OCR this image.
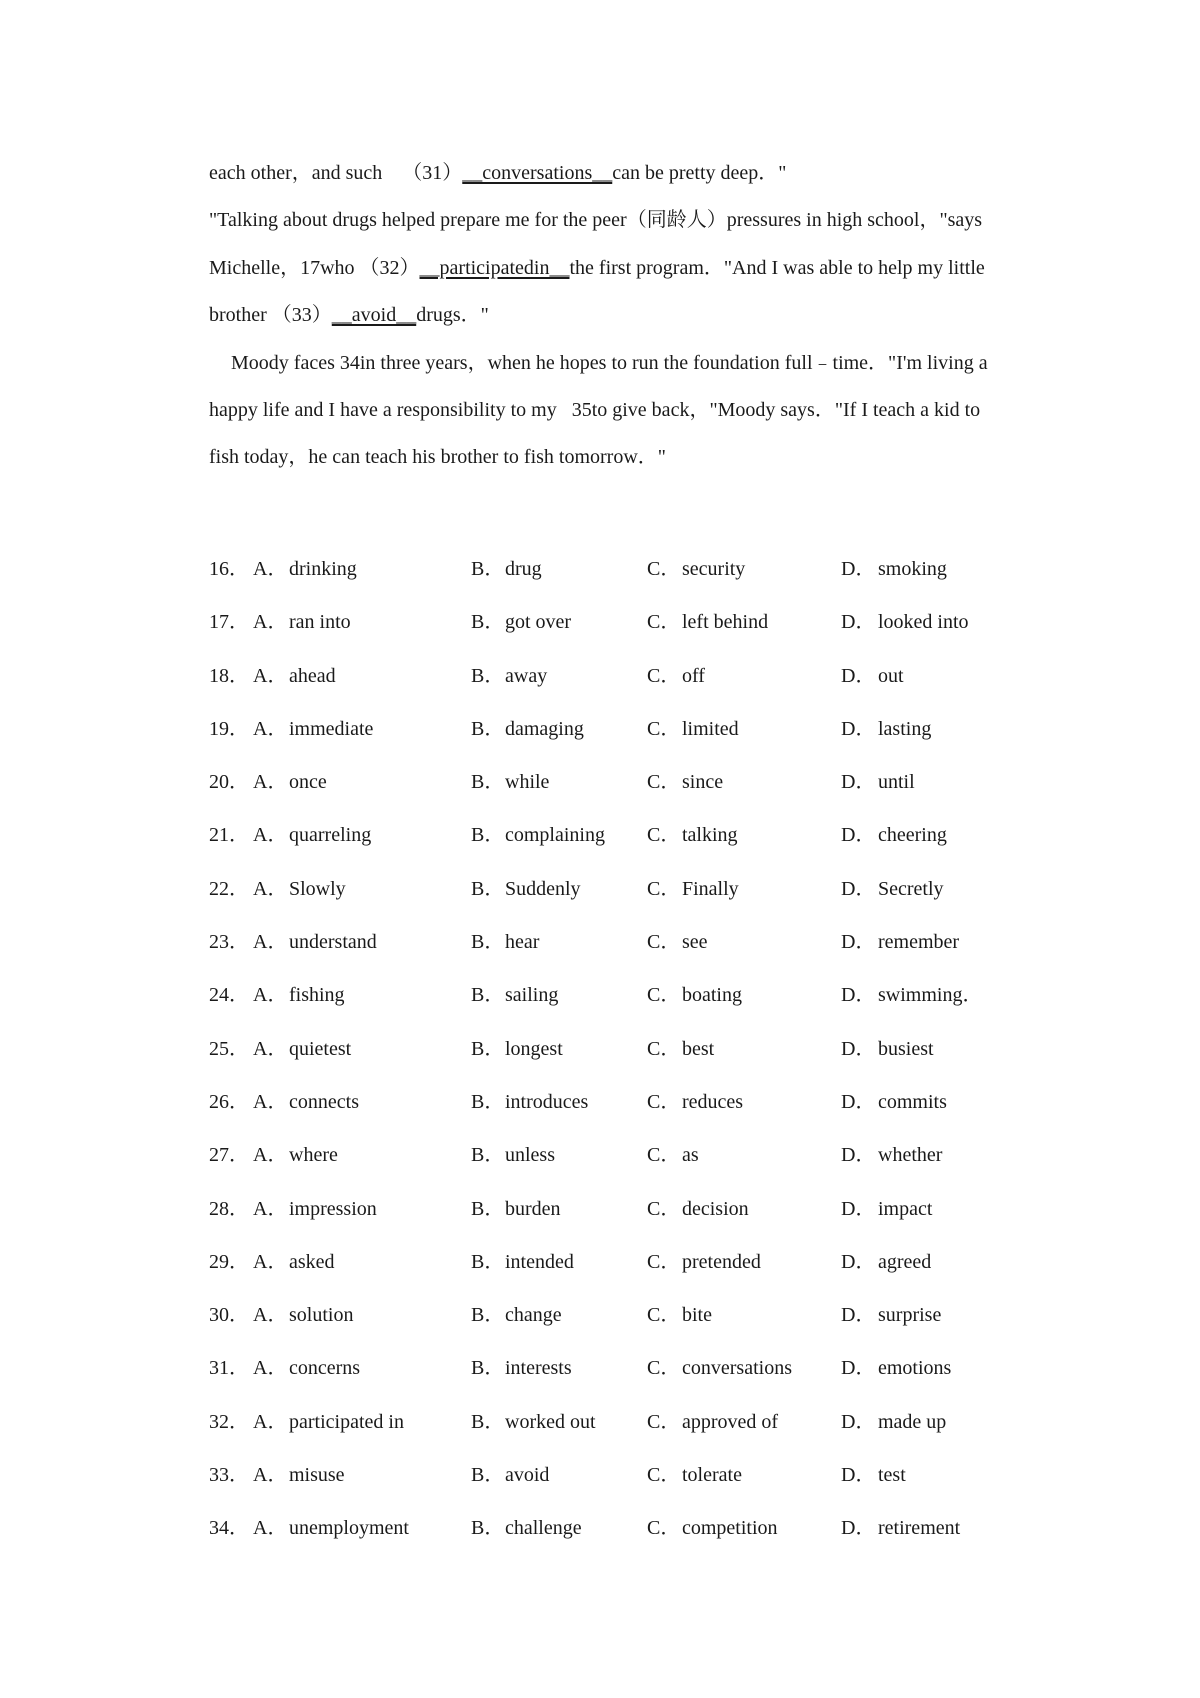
each other，and such    （31）__conversations__can be pretty deep．"
"Talking about drugs helped prepare me for the peer（同龄人）pressures in high school，"says
Michelle，17who （32）__participatedin__the first program．"And I was able to help my little
brother （33）__avoid__drugs．"
Moody faces 34in three years，when he hopes to run the foundation full﹣time．"I'm living a
happy life and I have a responsibility to my   35to give back，"Moody says．"If I teach a kid to
fish today，he can teach his brother to fish tomorrow．"
16． A． drinking	B． drug	C． security	D． smoking
17． A． ran into	B． got over	C． left behind	D． looked into
18． A． ahead	B． away	C． off	D． out
19． A． immediate	B． damaging	C． limited	D． lasting
20． A． once	B． while	C． since	D． until
21． A． quarreling	B． complaining C． talking	D． cheering
22． A． Slowly	B． Suddenly	C． Finally	D． Secretly
23． A． understand	B． hear	C． see	D． remember
24． A． fishing	B． sailing	C． boating	D． swimming．
25． A． quietest	B． longest	C． best	D． busiest
26． A． connects	B． introduces	C． reduces	D． commits
27． A． where	B． unless	C． as	D． whether
28． A． impression	B． burden	C． decision	D． impact
29． A． asked	B． intended	C． pretended	D． agreed
30． A． solution	B． change	C． bite	D． surprise
31． A． concerns	B． interests	C． conversations D． emotions
32． A． participated in	B． worked out	C． approved of	D． made up
33． A． misuse	B． avoid	C． tolerate	D． test
34． A． unemployment	B． challenge	C． competition	D． retirement
